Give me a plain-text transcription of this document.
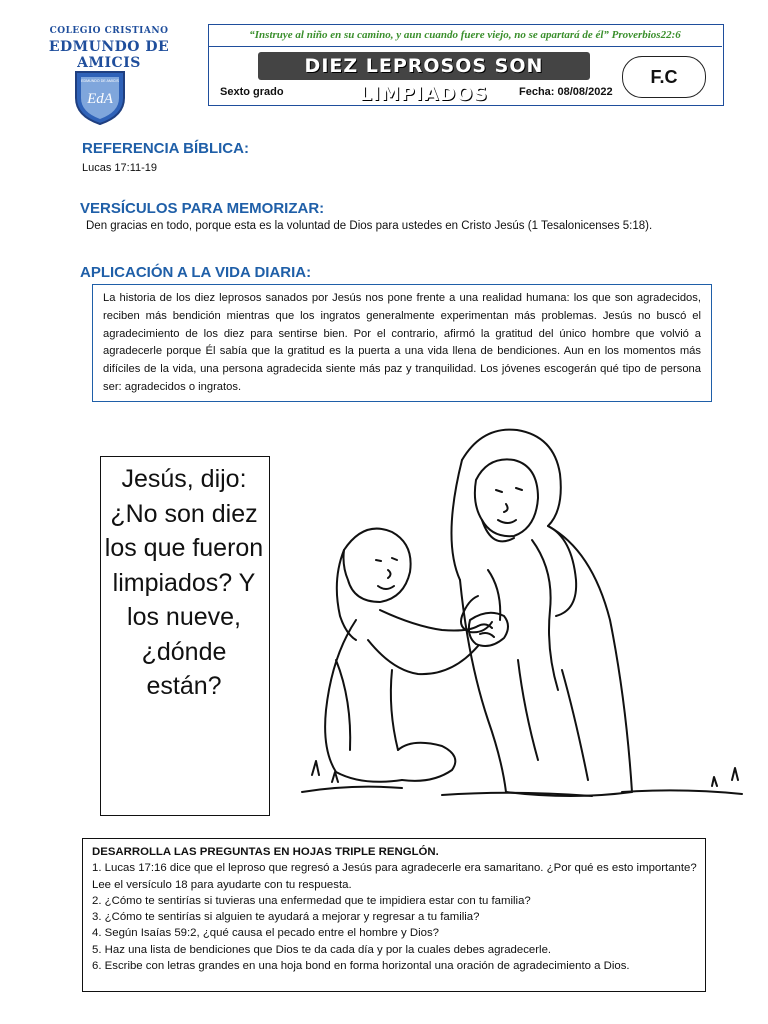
COLEGIO CRISTIANO
EDMUNDO DE AMICIS
EDMUNDO DE AMICIS
EdA
“Instruye al niño en su camino, y aun cuando fuere viejo, no se apartará de él” Proverbios22:6
DIEZ LEPROSOS SON LIMPIADOS
Sexto grado	Fecha: 08/08/2022
F.C
REFERENCIA BÍBLICA:
Lucas 17:11-19
VERSÍCULOS PARA MEMORIZAR:
Den gracias en todo, porque esta es la voluntad de Dios para ustedes en Cristo Jesús (1 Tesalonicenses 5:18).
APLICACIÓN A LA VIDA DIARIA:
La historia de los diez leprosos sanados por Jesús nos pone frente a una realidad humana: los que son agradecidos, reciben más bendición mientras que los ingratos generalmente experimentan más problemas. Jesús no buscó el agradecimiento de los diez para sentirse bien. Por el contrario, afirmó la gratitud del único hombre que volvió a agradecerle porque Él sabía que la gratitud es la puerta a una vida llena de bendiciones. Aun en los momentos más difíciles de la vida, una persona agradecida siente más paz y tranquilidad. Los jóvenes escogerán qué tipo de persona ser: agradecidos o ingratos.
Jesús, dijo: ¿No son diez los que fueron limpiados? Y los nueve, ¿dónde están?
DESARROLLA LAS PREGUNTAS EN HOJAS TRIPLE RENGLÓN.
1. Lucas 17:16 dice que el leproso que regresó a Jesús para agradecerle era samaritano. ¿Por qué es esto importante? Lee el versículo 18 para ayudarte con tu respuesta.
2. ¿Cómo te sentirías si tuvieras una enfermedad que te impidiera estar con tu familia?
3. ¿Cómo te sentirías si alguien te ayudará a mejorar y regresar a tu familia?
4. Según Isaías 59:2, ¿qué causa el pecado entre el hombre y Dios?
5. Haz una lista de bendiciones que Dios te da cada día y por la cuales debes agradecerle.
6. Escribe con letras grandes en una hoja bond en forma horizontal una oración de agradecimiento a Dios.
